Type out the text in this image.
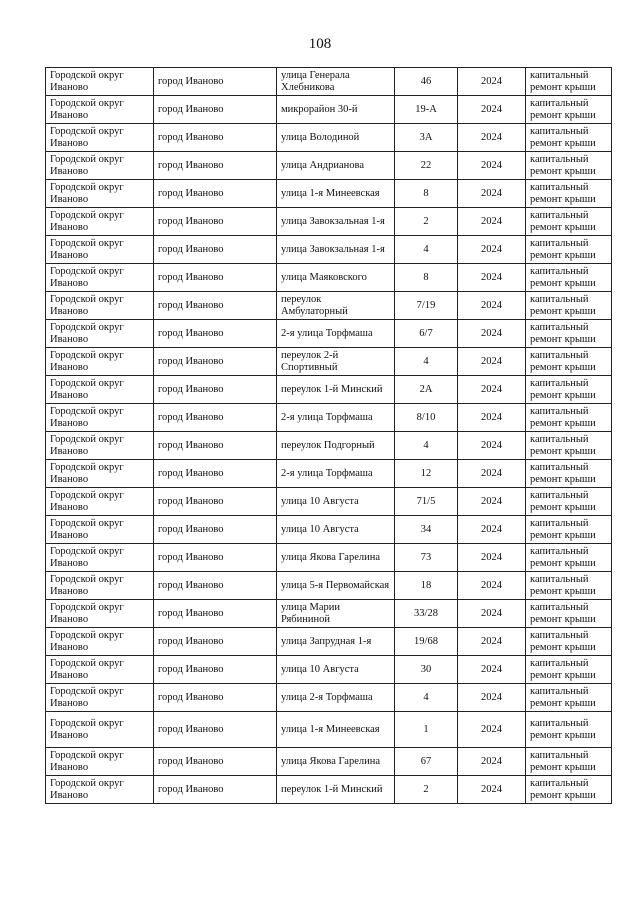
108
Городской округ Иваново	город Иваново	улица Генерала Хлебникова	46	2024	капитальный ремонт крыши
Городской округ Иваново	город Иваново	микрорайон 30-й	19-А	2024	капитальный ремонт крыши
Городской округ Иваново	город Иваново	улица Володиной	3А	2024	капитальный ремонт крыши
Городской округ Иваново	город Иваново	улица Андрианова	22	2024	капитальный ремонт крыши
Городской округ Иваново	город Иваново	улица 1-я Минеевская	8	2024	капитальный ремонт крыши
Городской округ Иваново	город Иваново	улица Завокзальная 1-я	2	2024	капитальный ремонт крыши
Городской округ Иваново	город Иваново	улица Завокзальная 1-я	4	2024	капитальный ремонт крыши
Городской округ Иваново	город Иваново	улица Маяковского	8	2024	капитальный ремонт крыши
Городской округ Иваново	город Иваново	переулок Амбулаторный	7/19	2024	капитальный ремонт крыши
Городской округ Иваново	город Иваново	2-я улица Торфмаша	6/7	2024	капитальный ремонт крыши
Городской округ Иваново	город Иваново	переулок 2-й Спортивный	4	2024	капитальный ремонт крыши
Городской округ Иваново	город Иваново	переулок 1-й Минский	2А	2024	капитальный ремонт крыши
Городской округ Иваново	город Иваново	2-я улица Торфмаша	8/10	2024	капитальный ремонт крыши
Городской округ Иваново	город Иваново	переулок Подгорный	4	2024	капитальный ремонт крыши
Городской округ Иваново	город Иваново	2-я улица Торфмаша	12	2024	капитальный ремонт крыши
Городской округ Иваново	город Иваново	улица 10 Августа	71/5	2024	капитальный ремонт крыши
Городской округ Иваново	город Иваново	улица 10 Августа	34	2024	капитальный ремонт крыши
Городской округ Иваново	город Иваново	улица Якова Гарелина	73	2024	капитальный ремонт крыши
Городской округ Иваново	город Иваново	улица 5-я Первомайская	18	2024	капитальный ремонт крыши
Городской округ Иваново	город Иваново	улица Марии Рябининой	33/28	2024	капитальный ремонт крыши
Городской округ Иваново	город Иваново	улица Запрудная 1-я	19/68	2024	капитальный ремонт крыши
Городской округ Иваново	город Иваново	улица 10 Августа	30	2024	капитальный ремонт крыши
Городской округ Иваново	город Иваново	улица 2-я Торфмаша	4	2024	капитальный ремонт крыши
Городской округ Иваново	город Иваново	улица 1-я Минеевская	1	2024	капитальный ремонт крыши
Городской округ Иваново	город Иваново	улица Якова Гарелина	67	2024	капитальный ремонт крыши
Городской округ Иваново	город Иваново	переулок 1-й Минский	2	2024	капитальный ремонт крыши
